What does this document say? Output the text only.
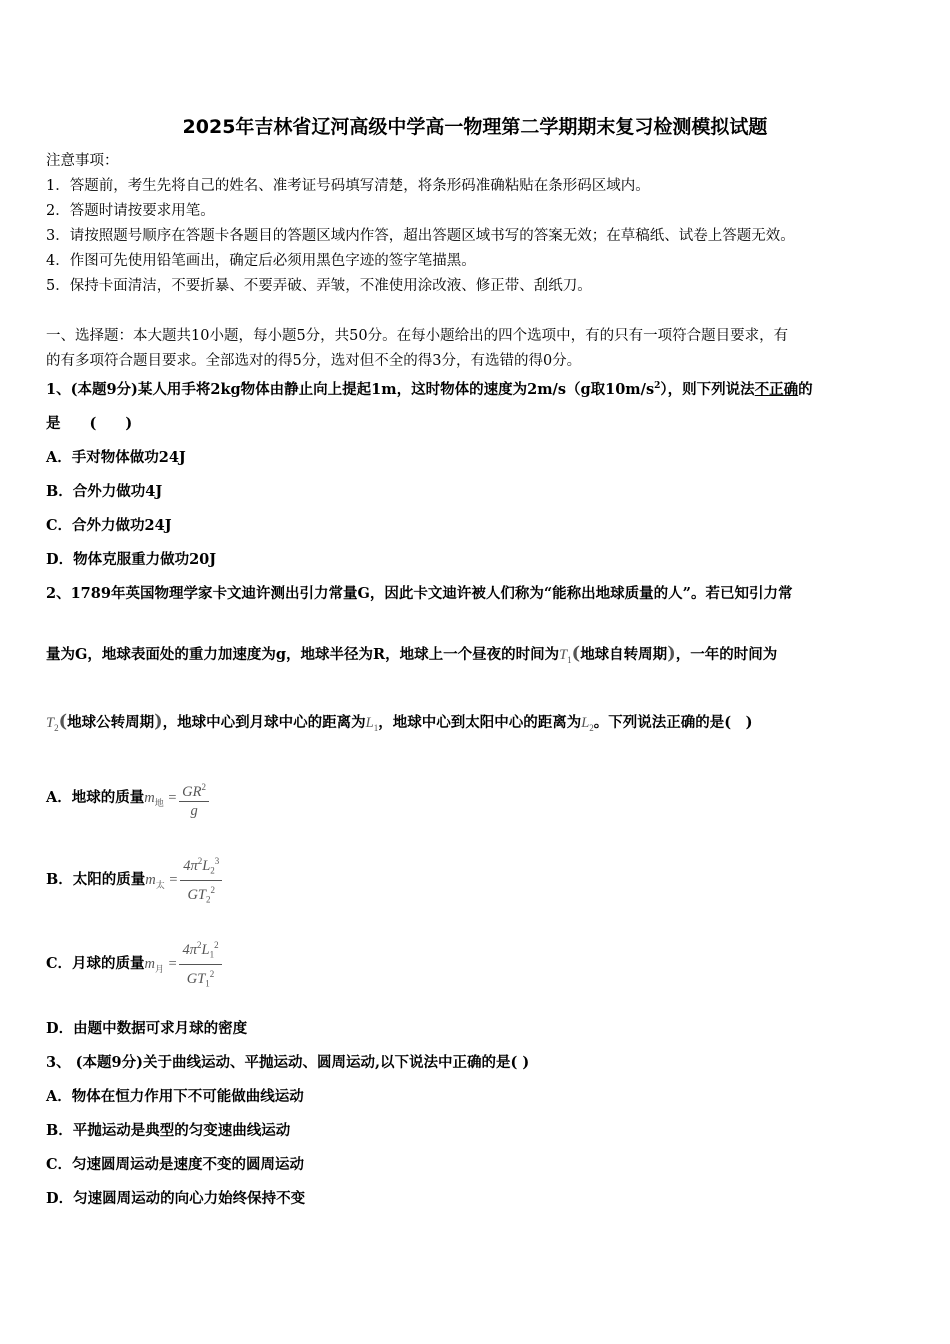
2025年吉林省辽河高级中学高一物理第二学期期末复习检测模拟试题
注意事项：
1．答题前，考生先将自己的姓名、准考证号码填写清楚，将条形码准确粘贴在条形码区域内。
2．答题时请按要求用笔。
3．请按照题号顺序在答题卡各题目的答题区域内作答，超出答题区域书写的答案无效；在草稿纸、试卷上答题无效。
4．作图可先使用铅笔画出，确定后必须用黑色字迹的签字笔描黑。
5．保持卡面清洁，不要折暴、不要弄破、弄皱，不准使用涂改液、修正带、刮纸刀。
一、选择题：本大题共10小题，每小题5分，共50分。在每小题给出的四个选项中，有的只有一项符合题目要求，有
的有多项符合题目要求。全部选对的得5分，选对但不全的得3分，有选错的得0分。
1、(本题9分)某人用手将2kg物体由静止向上提起1m，这时物体的速度为2m/s（g取$10m/s^2$），则下列说法不正确的
是　　(　　)
A．手对物体做功24J
B．合外力做功4J
C．合外力做功24J
D．物体克服重力做功20J
2、1789年英国物理学家卡文迪许测出引力常量G，因此卡文迪许被人们称为“能称出地球质量的人”。若已知引力常
量为G，地球表面处的重力加速度为g，地球半径为R，地球上一个昼夜的时间为$T_1$(地球自转周期)，一年的时间为
$T_2$(地球公转周期)，地球中心到月球中心的距离为$L_1$，地球中心到太阳中心的距离为$L_2$。下列说法正确的是(　)
A．地球的质量$m_地 = \frac{GR^2}{g}$
B．太阳的质量$m_太 = \frac{4\pi^2L_2^3}{GT_2^2}$
C．月球的质量$m_月 = \frac{4\pi^2L_1^2}{GT_1^2}$
D．由题中数据可求月球的密度
3、 (本题9分)关于曲线运动、平抛运动、圆周运动,以下说法中正确的是( )
A．物体在恒力作用下不可能做曲线运动
B．平抛运动是典型的匀变速曲线运动
C．匀速圆周运动是速度不变的圆周运动
D．匀速圆周运动的向心力始终保持不变
